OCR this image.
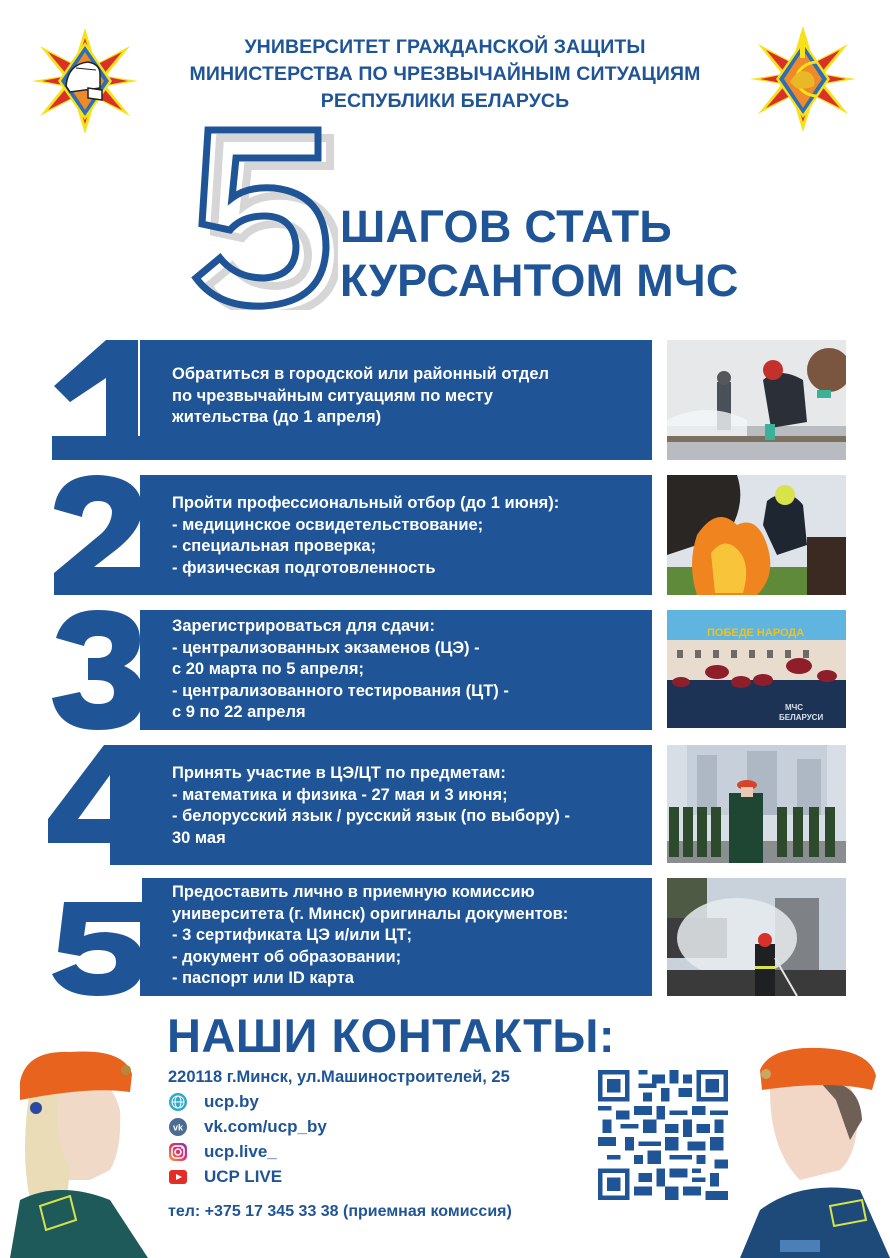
УНИВЕРСИТЕТ ГРАЖДАНСКОЙ ЗАЩИТЫ
МИНИСТЕРСТВА ПО ЧРЕЗВЫЧАЙНЫМ СИТУАЦИЯМ
РЕСПУБЛИКИ БЕЛАРУСЬ
ШАГОВ СТАТЬ
КУРСАНТОМ МЧС
Обратиться в городской или районный отдел
по чрезвычайным ситуациям по месту
жительства (до 1 апреля)
Пройти профессиональный отбор (до 1 июня):
- медицинское освидетельствование;
- специальная проверка;
- физическая подготовленность
Зарегистрироваться для сдачи:
- централизованных экзаменов (ЦЭ) -
с 20 марта по 5 апреля;
- централизованного тестирования (ЦТ) -
с 9 по 22 апреля
ПОБЕДЕ НАРОДА
МЧС
БЕЛАРУСИ
Принять участие в ЦЭ/ЦТ по предметам:
- математика и физика - 27 мая и 3 июня;
- белорусский язык / русский язык (по выбору) -
30 мая
Предоставить лично в приемную комиссию
университета (г. Минск) оригиналы документов:
- 3 сертификата ЦЭ и/или ЦТ;
- документ об образовании;
- паспорт или ID карта
НАШИ КОНТАКТЫ:
220118 г.Минск, ул.Машиностроителей, 25
ucp.by
vk vk.com/ucp_by
ucp.live_
UCP LIVE
тел: +375 17 345 33 38 (приемная комиссия)
